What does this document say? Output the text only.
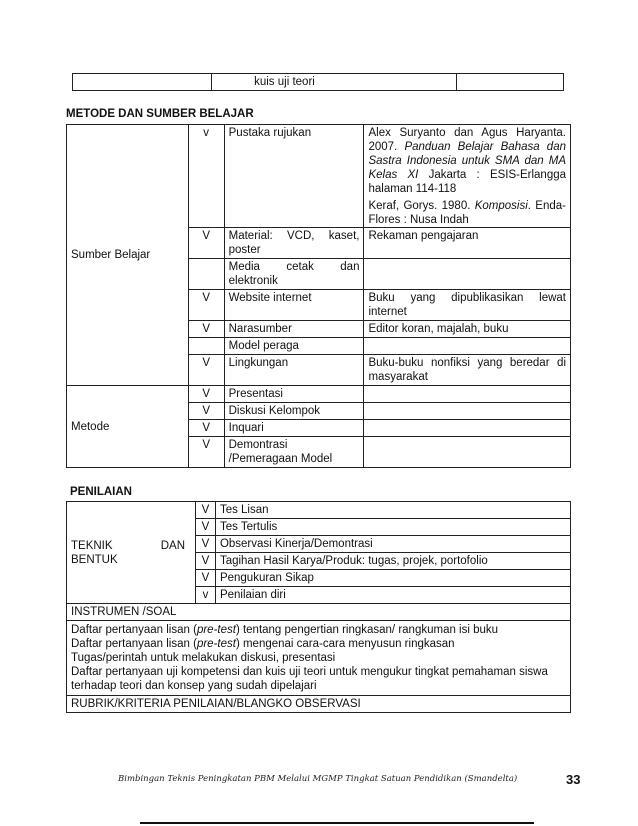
	kuis uji teori	
METODE DAN SUMBER BELAJAR
Sumber Belajar	v	Pustaka rujukan	Alex Suryanto dan Agus Haryanta. 2007. Panduan Belajar Bahasa dan Sastra Indonesia untuk SMA dan MA Kelas XI Jakarta : ESIS-Erlangga halaman 114-118
Keraf, Gorys. 1980. Komposisi. Enda-Flores : Nusa Indah

	V	Material: VCD, kaset, poster	Rekaman pengajaran
		Media cetak dan elektronik	
	V	Website internet	Buku yang dipublikasikan lewat internet
	V	Narasumber	Editor koran, majalah, buku
		Model peraga	
	V	Lingkungan	Buku-buku nonfiksi yang beredar di masyarakat
Metode	V	Presentasi	
	V	Diskusi Kelompok	
	V	Inquari	
	V	Demontrasi /Pemeragaan Model	
PENILAIAN
TEKNIK DAN BENTUK	V	Tes Lisan
	V	Tes Tertulis
	V	Observasi Kinerja/Demontrasi
	V	Tagihan Hasil Karya/Produk: tugas, projek, portofolio
	V	Pengukuran Sikap
	v	Penilaian diri
INSTRUMEN /SOAL		

Daftar pertanyaan lisan (pre-test) tentang pengertian ringkasan/ rangkuman isi buku
Daftar pertanyaan lisan (pre-test) mengenai cara-cara menyusun ringkasan
Tugas/perintah untuk melakukan diskusi, presentasi
Daftar pertanyaan uji kompetensi dan kuis uji teori untuk mengukur tingkat pemahaman siswa terhadap teori dan konsep yang sudah dipelajari		

RUBRIK/KRITERIA PENILAIAN/BLANGKO OBSERVASI		
Bimbingan Teknis Peningkatan PBM Melalui MGMP Tingkat Satuan Pendidikan (Smandelta)	33
